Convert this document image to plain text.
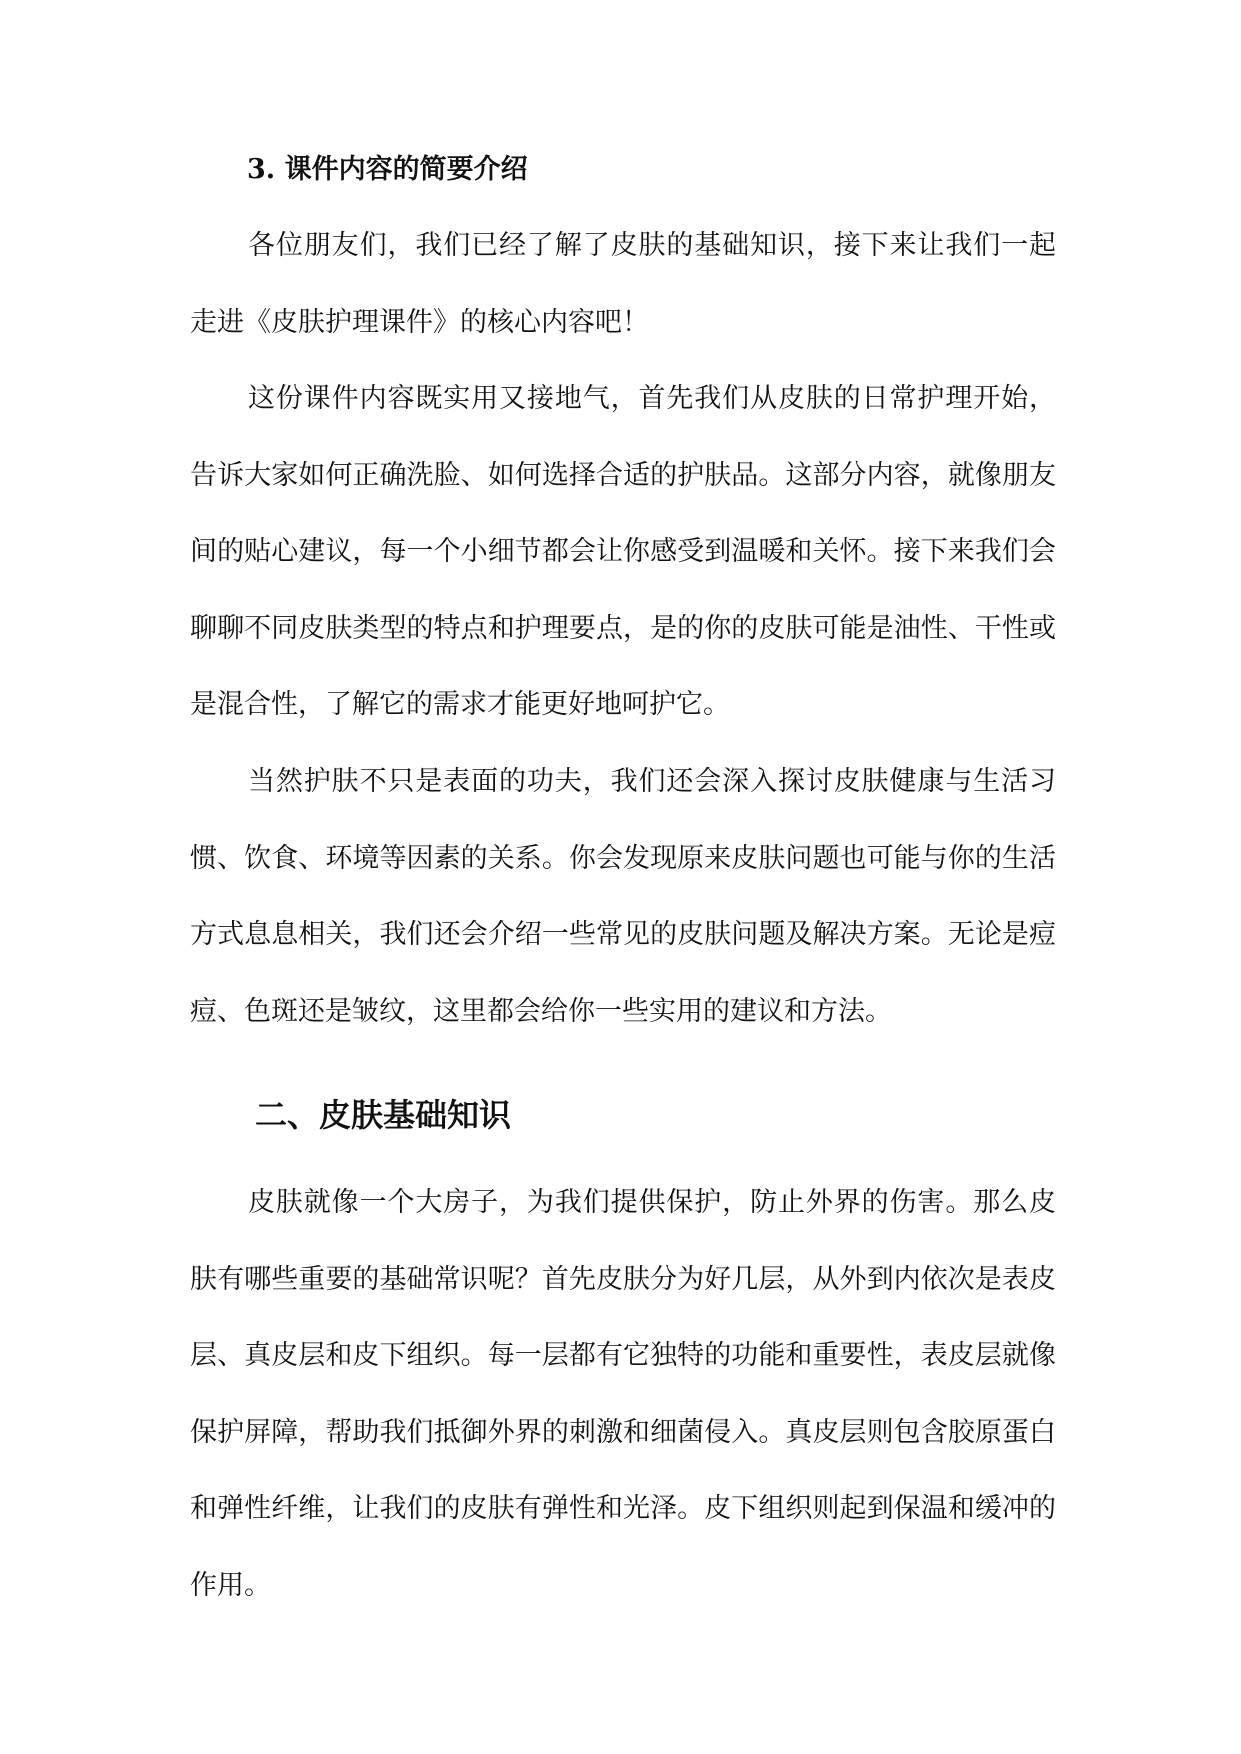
3. 课件内容的简要介绍

各位朋友们，我们已经了解了皮肤的基础知识，接下来让我们一起走进《皮肤护理课件》的核心内容吧！

这份课件内容既实用又接地气，首先我们从皮肤的日常护理开始，告诉大家如何正确洗脸、如何选择合适的护肤品。这部分内容，就像朋友间的贴心建议，每一个小细节都会让你感受到温暖和关怀。接下来我们会聊聊不同皮肤类型的特点和护理要点，是的你的皮肤可能是油性、干性或是混合性，了解它的需求才能更好地呵护它。

当然护肤不只是表面的功夫，我们还会深入探讨皮肤健康与生活习惯、饮食、环境等因素的关系。你会发现原来皮肤问题也可能与你的生活方式息息相关，我们还会介绍一些常见的皮肤问题及解决方案。无论是痘痘、色斑还是皱纹，这里都会给你一些实用的建议和方法。

二、皮肤基础知识

皮肤就像一个大房子，为我们提供保护，防止外界的伤害。那么皮肤有哪些重要的基础常识呢？首先皮肤分为好几层，从外到内依次是表皮层、真皮层和皮下组织。每一层都有它独特的功能和重要性，表皮层就像保护屏障，帮助我们抵御外界的刺激和细菌侵入。真皮层则包含胶原蛋白和弹性纤维，让我们的皮肤有弹性和光泽。皮下组织则起到保温和缓冲的作用。
